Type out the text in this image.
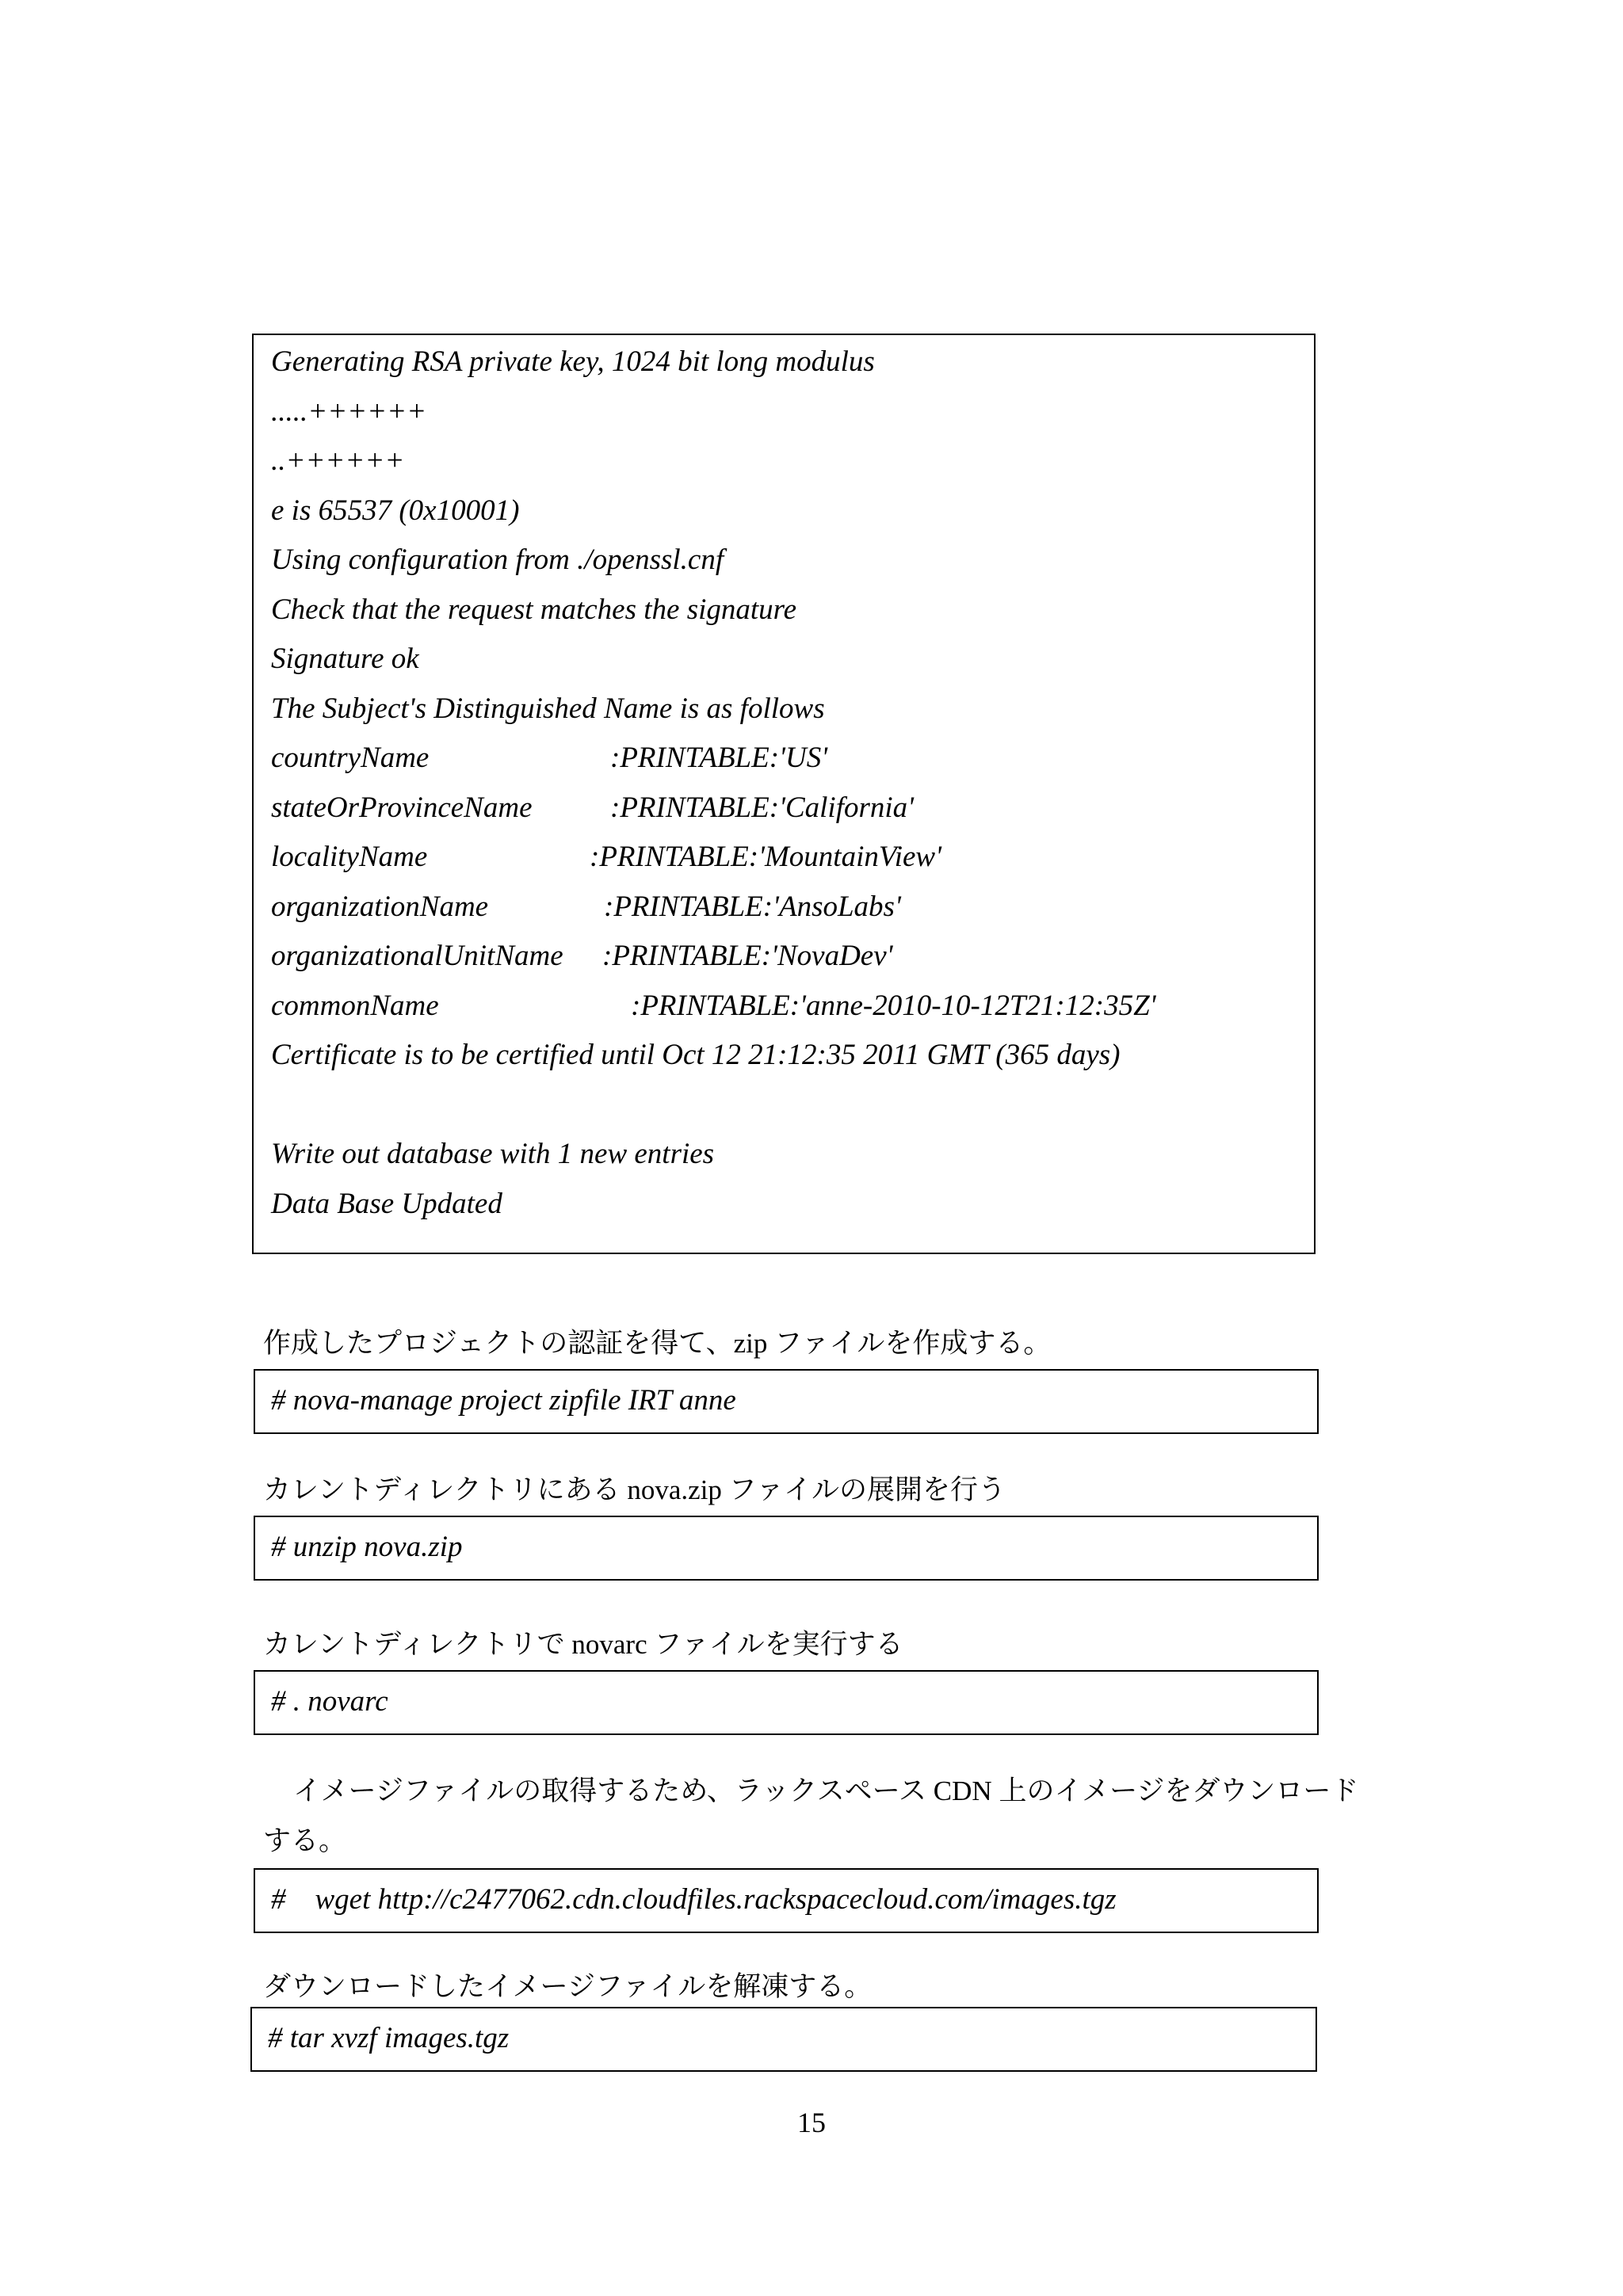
Generating RSA private key, 1024 bit long modulus
.....++++++
..++++++
e is 65537 (0x10001)
Using configuration from ./openssl.cnf
Check that the request matches the signature
Signature ok
The Subject's Distinguished Name is as follows
countryName	:PRINTABLE:'US'
stateOrProvinceName	:PRINTABLE:'California'
localityName	:PRINTABLE:'MountainView'
organizationName	:PRINTABLE:'AnsoLabs'
organizationalUnitName :PRINTABLE:'NovaDev'
commonName	:PRINTABLE:'anne-2010-10-12T21:12:35Z'
Certificate is to be certified until Oct 12 21:12:35 2011 GMT (365 days)
Write out database with 1 new entries
Data Base Updated
作成したプロジェクトの認証を得て、zip ファイルを作成する。
# nova-manage project zipfile IRT anne
カレントディレクトリにある nova.zip ファイルの展開を行う
# unzip nova.zip
カレントディレクトリで novarc ファイルを実行する
# . novarc
イメージファイルの取得するため、ラックスペース CDN 上のイメージをダウンロード
する。
#    wget http://c2477062.cdn.cloudfiles.rackspacecloud.com/images.tgz
ダウンロードしたイメージファイルを解凍する。
# tar xvzf images.tgz
15
